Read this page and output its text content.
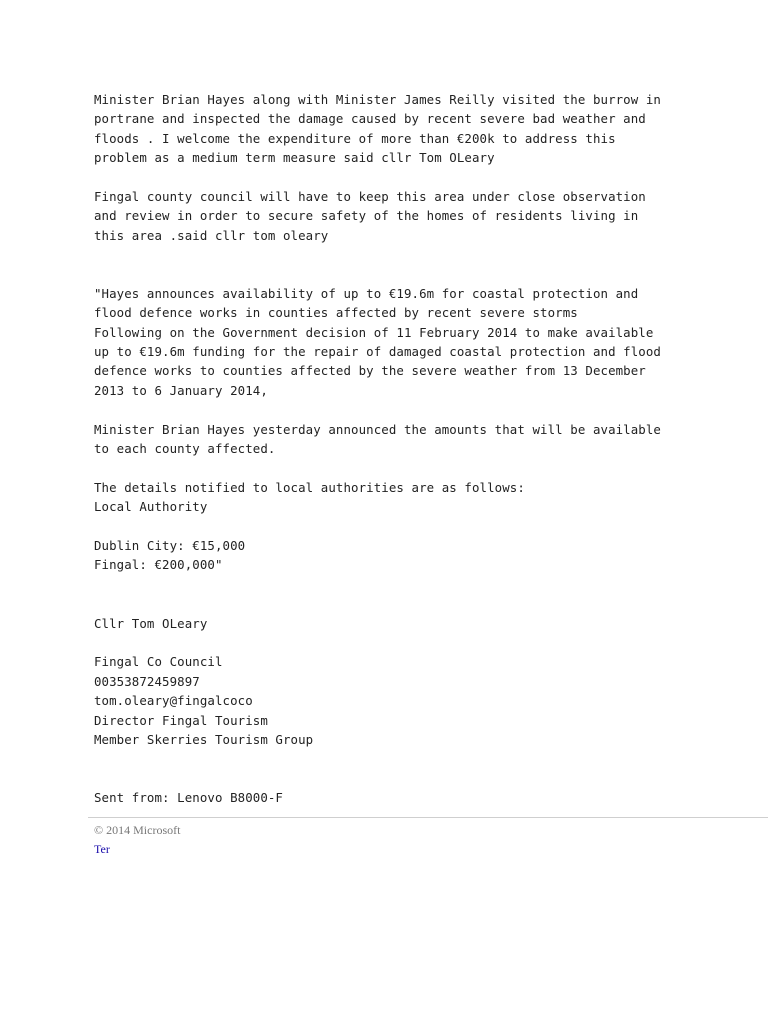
Minister Brian Hayes along with Minister James Reilly visited the burrow in
portrane and inspected the damage caused by recent severe bad weather and
floods . I welcome the expenditure of more than €200k to address this
problem as a medium term measure said cllr Tom OLeary
Fingal county council will have to keep this area under close observation
and review in order to secure safety of the homes of residents living in
this area .said cllr tom oleary
"Hayes announces availability of up to €19.6m for coastal protection and
flood defence works in counties affected by recent severe storms
Following on the Government decision of 11 February 2014 to make available
up to €19.6m funding for the repair of damaged coastal protection and flood
defence works to counties affected by the severe weather from 13 December
2013 to 6 January 2014,
Minister Brian Hayes yesterday announced the amounts that will be available
to each county affected.
The details notified to local authorities are as follows:
Local Authority
Dublin City: €15,000
Fingal: €200,000"
Cllr Tom OLeary
Fingal Co Council
00353872459897
tom.oleary@fingalcoco
Director Fingal Tourism
Member Skerries Tourism Group
Sent from: Lenovo B8000-F
© 2014 Microsoft
Ter
